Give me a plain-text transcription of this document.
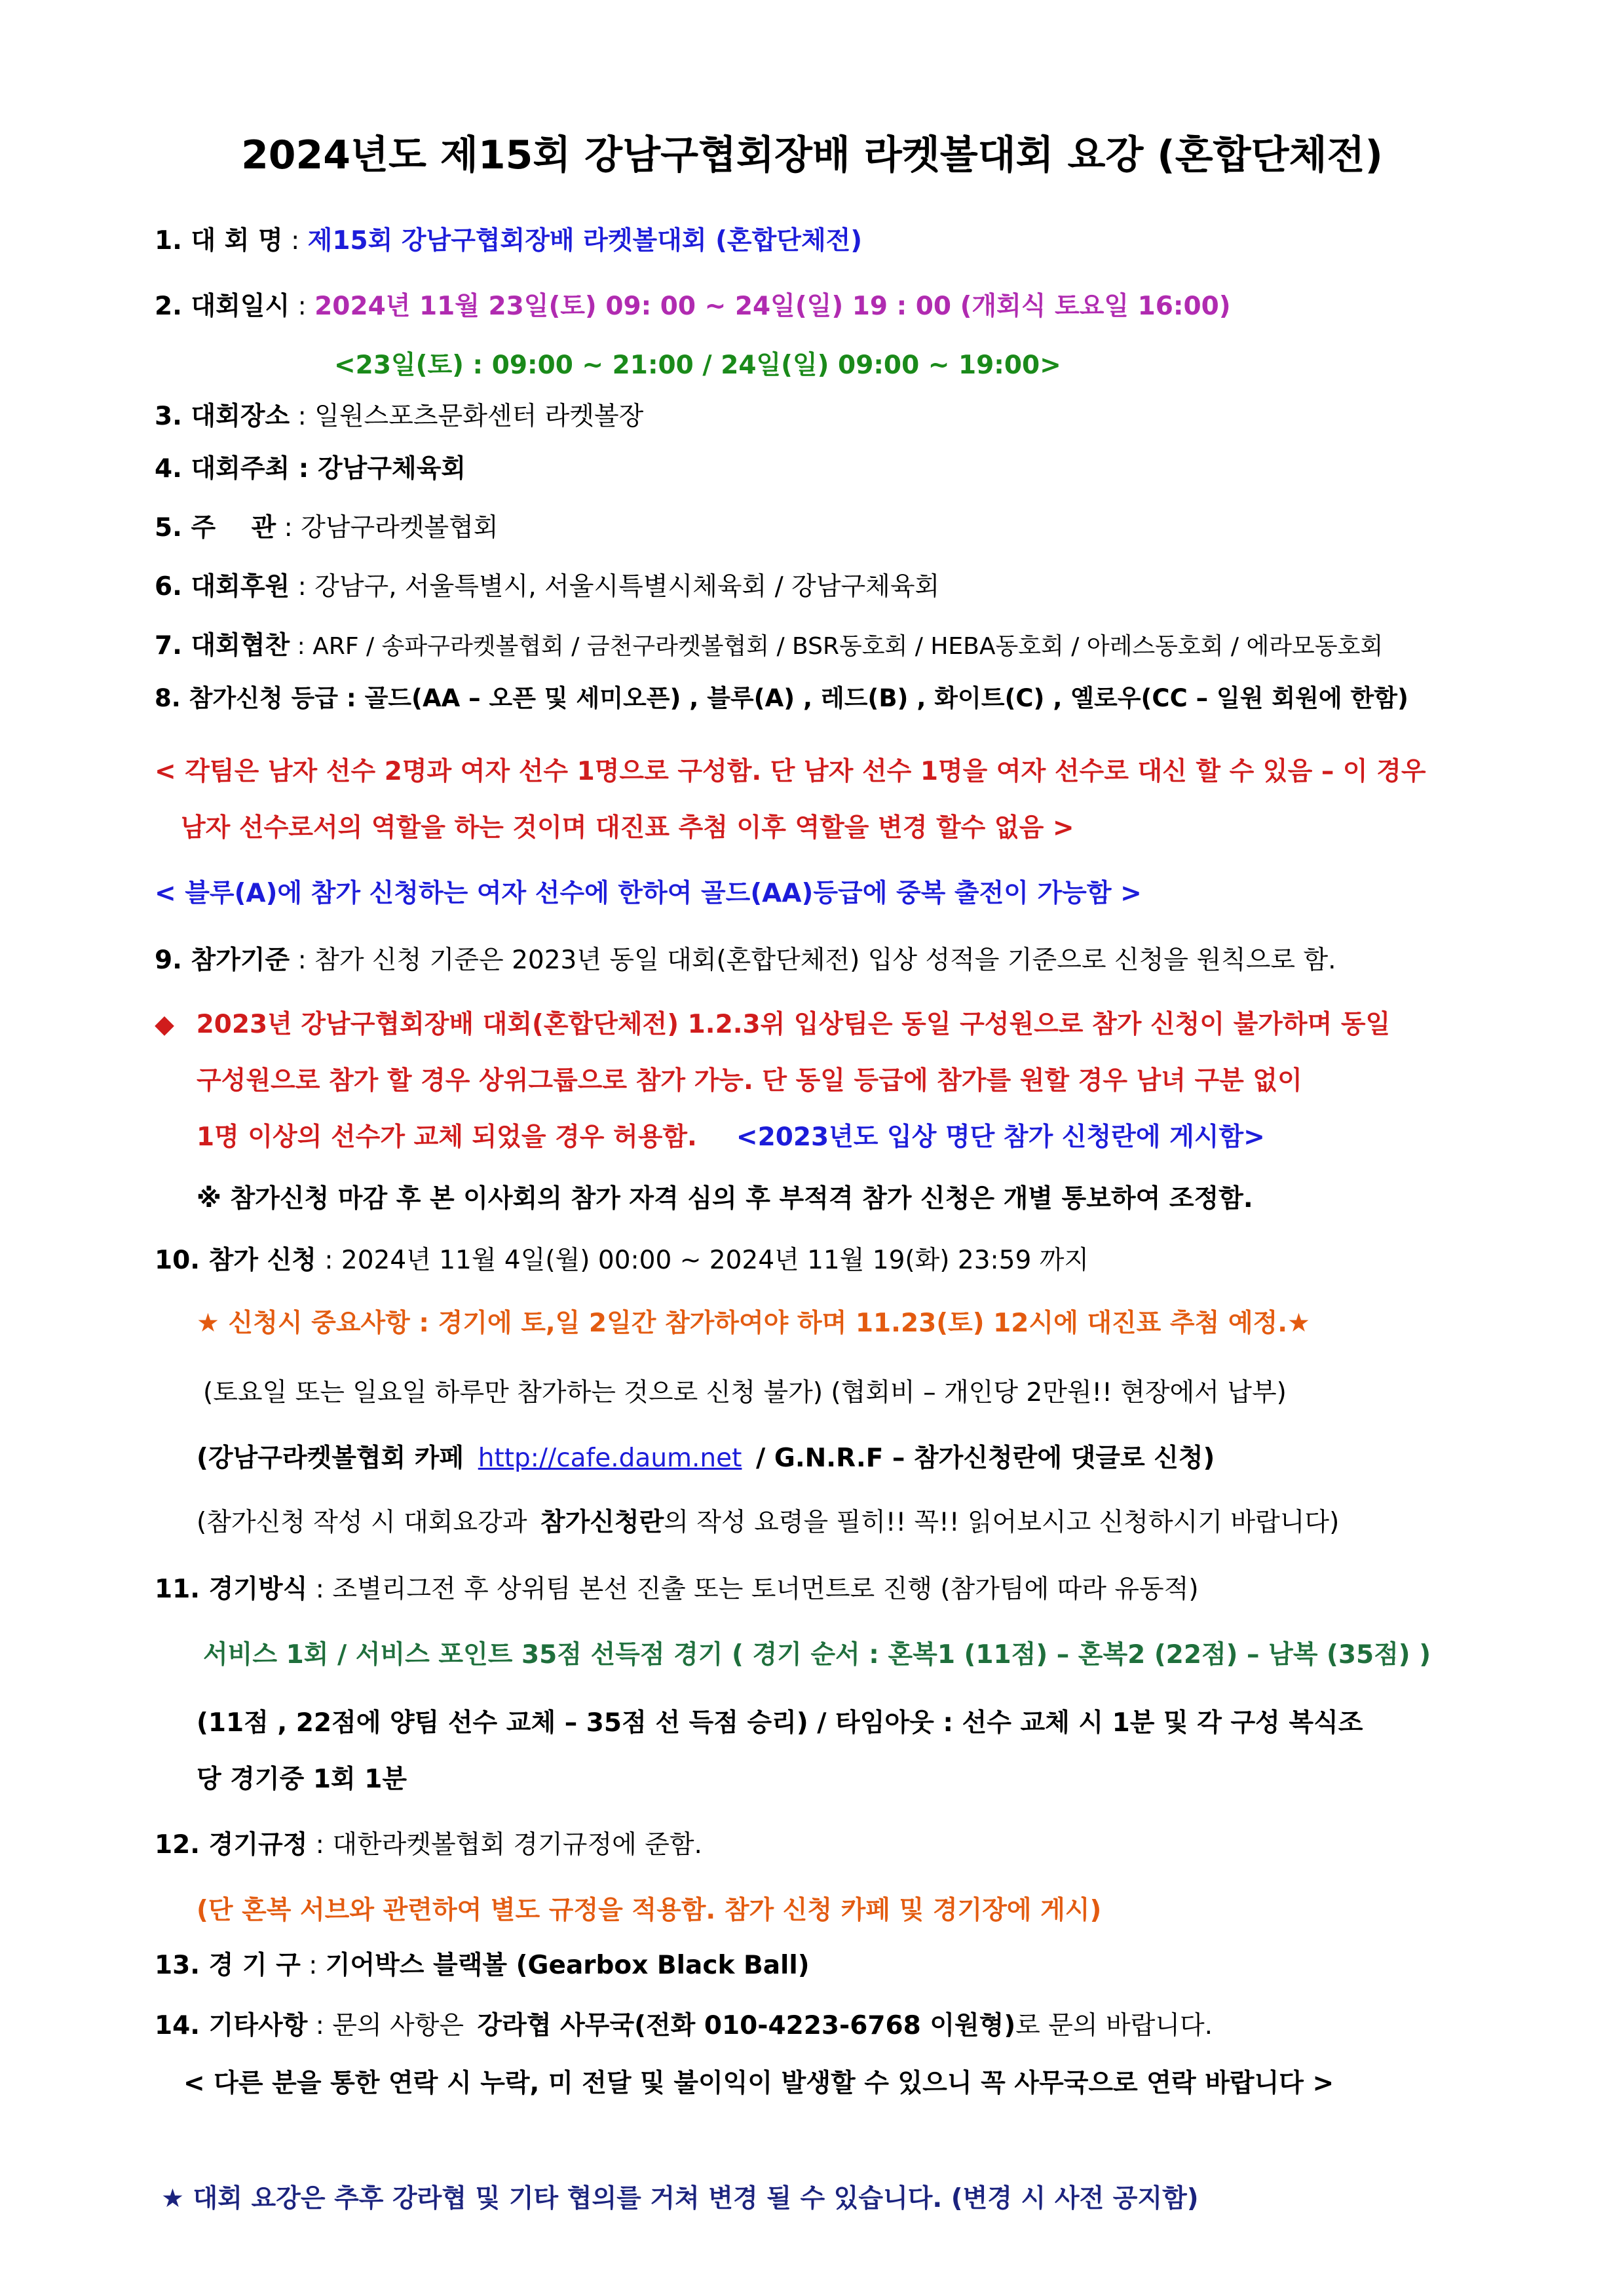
2024년도 제15회 강남구협회장배 라켓볼대회 요강 (혼합단체전)
1. 대 회 명 : 제15회 강남구협회장배 라켓볼대회 (혼합단체전)
2. 대회일시 : 2024년 11월 23일(토) 09: 00 ~ 24일(일) 19 : 00 (개회식 토요일 16:00)
<23일(토) : 09:00 ~ 21:00 / 24일(일) 09:00 ~ 19:00>
3. 대회장소 : 일원스포츠문화센터 라켓볼장
4. 대회주최 : 강남구체육회
5. 주    관 : 강남구라켓볼협회
6. 대회후원 : 강남구, 서울특별시, 서울시특별시체육회 / 강남구체육회
7. 대회협찬 : ARF / 송파구라켓볼협회 / 금천구라켓볼협회 / BSR동호회 / HEBA동호회 / 아레스동호회 / 에라모동호회
8. 참가신청 등급 : 골드(AA – 오픈 및 세미오픈) , 블루(A) , 레드(B) , 화이트(C) , 옐로우(CC – 일원 회원에 한함)
< 각팀은 남자 선수 2명과 여자 선수 1명으로 구성함. 단 남자 선수 1명을 여자 선수로 대신 할 수 있음 – 이 경우
남자 선수로서의 역할을 하는 것이며 대진표 추첨 이후 역할을 변경 할수 없음 >
< 블루(A)에 참가 신청하는 여자 선수에 한하여 골드(AA)등급에 중복 출전이 가능함 >
9. 참가기준 : 참가 신청 기준은 2023년 동일 대회(혼합단체전) 입상 성적을 기준으로 신청을 원칙으로 함.
◆ 2023년 강남구협회장배 대회(혼합단체전) 1.2.3위 입상팀은 동일 구성원으로 참가 신청이 불가하며 동일
구성원으로 참가 할 경우 상위그룹으로 참가 가능. 단 동일 등급에 참가를 원할 경우 남녀 구분 없이
1명 이상의 선수가 교체 되었을 경우 허용함. <2023년도 입상 명단 참가 신청란에 게시함>
※ 참가신청 마감 후 본 이사회의 참가 자격 심의 후 부적격 참가 신청은 개별 통보하여 조정함.
10. 참가 신청 : 2024년 11월 4일(월) 00:00 ~ 2024년 11월 19(화) 23:59 까지
★ 신청시 중요사항 : 경기에 토,일 2일간 참가하여야 하며 11.23(토) 12시에 대진표 추첨 예정.★
(토요일 또는 일요일 하루만 참가하는 것으로 신청 불가) (협회비 – 개인당 2만원!! 현장에서 납부)
(강남구라켓볼협회 카페 http://cafe.daum.net / G.N.R.F – 참가신청란에 댓글로 신청)
(참가신청 작성 시 대회요강과 참가신청란의 작성 요령을 필히!! 꼭!! 읽어보시고 신청하시기 바랍니다)
11. 경기방식 : 조별리그전 후 상위팀 본선 진출 또는 토너먼트로 진행 (참가팀에 따라 유동적)
서비스 1회 / 서비스 포인트 35점 선득점 경기 ( 경기 순서 : 혼복1 (11점) – 혼복2 (22점) – 남복 (35점) )
(11점 , 22점에 양팀 선수 교체 – 35점 선 득점 승리) / 타임아웃 : 선수 교체 시 1분 및 각 구성 복식조
당 경기중 1회 1분
12. 경기규정 : 대한라켓볼협회 경기규정에 준함.
(단 혼복 서브와 관련하여 별도 규정을 적용함. 참가 신청 카페 및 경기장에 게시)
13. 경 기 구 : 기어박스 블랙볼 (Gearbox Black Ball)
14. 기타사항 : 문의 사항은 강라협 사무국(전화 010-4223-6768 이원형)로 문의 바랍니다.
< 다른 분을 통한 연락 시 누락, 미 전달 및 불이익이 발생할 수 있으니 꼭 사무국으로 연락 바랍니다 >
★ 대회 요강은 추후 강라협 및 기타 협의를 거쳐 변경 될 수 있습니다. (변경 시 사전 공지함)
